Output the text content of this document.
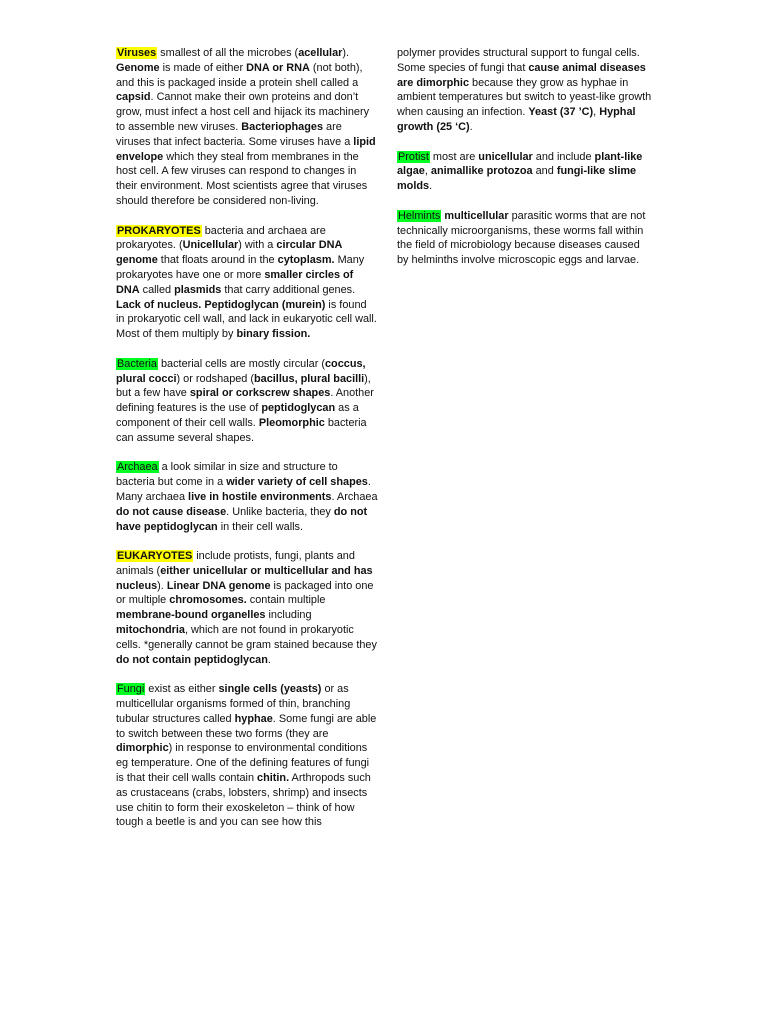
Viruses smallest of all the microbes (acellular). Genome is made of either DNA or RNA (not both), and this is packaged inside a protein shell called a capsid. Cannot make their own proteins and don’t grow, must infect a host cell and hijack its machinery to assemble new viruses. Bacteriophages are viruses that infect bacteria. Some viruses have a lipid envelope which they steal from membranes in the host cell. A few viruses can respond to changes in their environment. Most scientists agree that viruses should therefore be considered non-living.

PROKARYOTES bacteria and archaea are prokaryotes. (Unicellular) with a circular DNA genome that floats around in the cytoplasm. Many prokaryotes have one or more smaller circles of DNA called plasmids that carry additional genes. Lack of nucleus. Peptidoglycan (murein) is found in prokaryotic cell wall, and lack in eukaryotic cell wall. Most of them multiply by binary fission.

Bacteria bacterial cells are mostly circular (coccus, plural cocci) or rodshaped (bacillus, plural bacilli), but a few have spiral or corkscrew shapes. Another defining features is the use of peptidoglycan as a component of their cell walls. Pleomorphic bacteria can assume several shapes.

Archaea a look similar in size and structure to bacteria but come in a wider variety of cell shapes. Many archaea live in hostile environments. Archaea do not cause disease. Unlike bacteria, they do not have peptidoglycan in their cell walls.

EUKARYOTES include protists, fungi, plants and animals (either unicellular or multicellular and has nucleus). Linear DNA genome is packaged into one or multiple chromosomes. contain multiple membrane-bound organelles including mitochondria, which are not found in prokaryotic cells. *generally cannot be gram stained because they do not contain peptidoglycan.

Fungi exist as either single cells (yeasts) or as multicellular organisms formed of thin, branching tubular structures called hyphae. Some fungi are able to switch between these two forms (they are dimorphic) in response to environmental conditions eg temperature. One of the defining features of fungi is that their cell walls contain chitin. Arthropods such as crustaceans (crabs, lobsters, shrimp) and insects use chitin to form their exoskeleton – think of how tough a beetle is and you can see how this

polymer provides structural support to fungal cells. Some species of fungi that cause animal diseases are dimorphic because they grow as hyphae in ambient temperatures but switch to yeast-like growth when causing an infection. Yeast (37 ’C), Hyphal growth (25 ‘C).

Protist most are unicellular and include plant-like algae, animallike protozoa and fungi-like slime molds.

Helmints multicellular parasitic worms that are not technically microorganisms, these worms fall within the field of microbiology because diseases caused by helminths involve microscopic eggs and larvae.
